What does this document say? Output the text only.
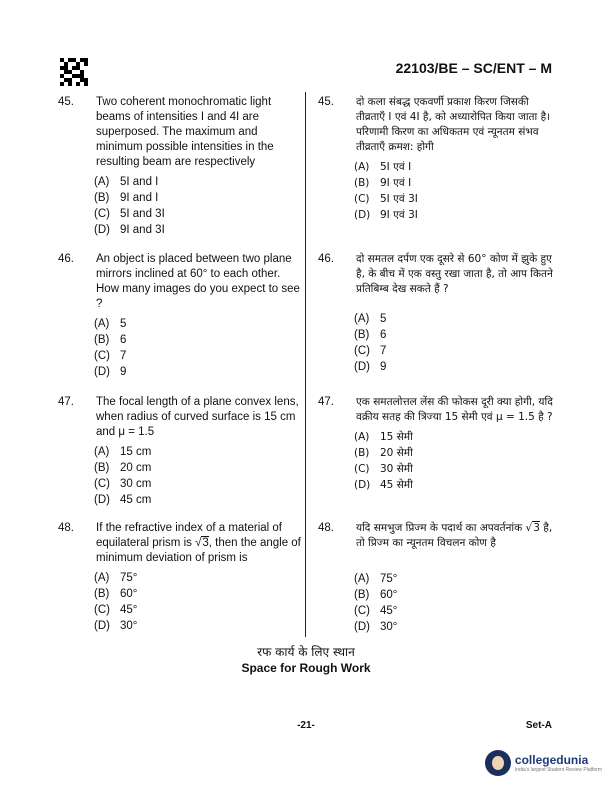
22103/BE – SC/ENT – M
45.	Two coherent monochromatic light beams of intensities I and 4I are superposed. The maximum and minimum possible intensities in the resulting beam are respectively
(A) 5I and I
(B) 9I and I
(C) 5I and 3I
(D) 9I and 3I
46.	An object is placed between two plane mirrors inclined at 60° to each other. How many images do you expect to see ?
(A) 5
(B) 6
(C) 7
(D) 9
47.	The focal length of a plane convex lens, when radius of curved surface is 15 cm and μ = 1.5
(A) 15 cm
(B) 20 cm
(C) 30 cm
(D) 45 cm
48.	If the refractive index of a material of equilateral prism is √3, then the angle of minimum deviation of prism is
(A) 75°
(B) 60°
(C) 45°
(D) 30°
45.	दो कला संबद्ध एकवर्णी प्रकाश किरण जिसकी तीव्रताएँ I एवं 4I है, को अध्यारोपित किया जाता है। परिणामी किरण का अधिकतम एवं न्यूनतम संभव तीव्रताएँ क्रमश: होगी
(A) 5I एवं I
(B) 9I एवं I
(C) 5I एवं 3I
(D) 9I एवं 3I
46.	दो समतल दर्पण एक दूसरे से 60° कोण में झुके हुए है, के बीच में एक वस्तु रखा जाता है, तो आप कितने प्रतिबिम्ब देख सकते हैं ?
(A) 5
(B) 6
(C) 7
(D) 9
47.	एक समतलोत्तल लेंस की फोकस दूरी क्या होगी, यदि वक्रीय सतह की त्रिज्या 15 सेमी एवं μ = 1.5 है ?
(A) 15 सेमी
(B) 20 सेमी
(C) 30 सेमी
(D) 45 सेमी
48.	यदि समभुज प्रिज्म के पदार्थ का अपवर्तनांक √3 है, तो प्रिज्म का न्यूनतम विचलन कोण है
(A) 75°
(B) 60°
(C) 45°
(D) 30°
रफ कार्य के लिए स्थान
Space for Rough Work
-21-	Set-A
collegedunia
India's largest Student Review Platform
